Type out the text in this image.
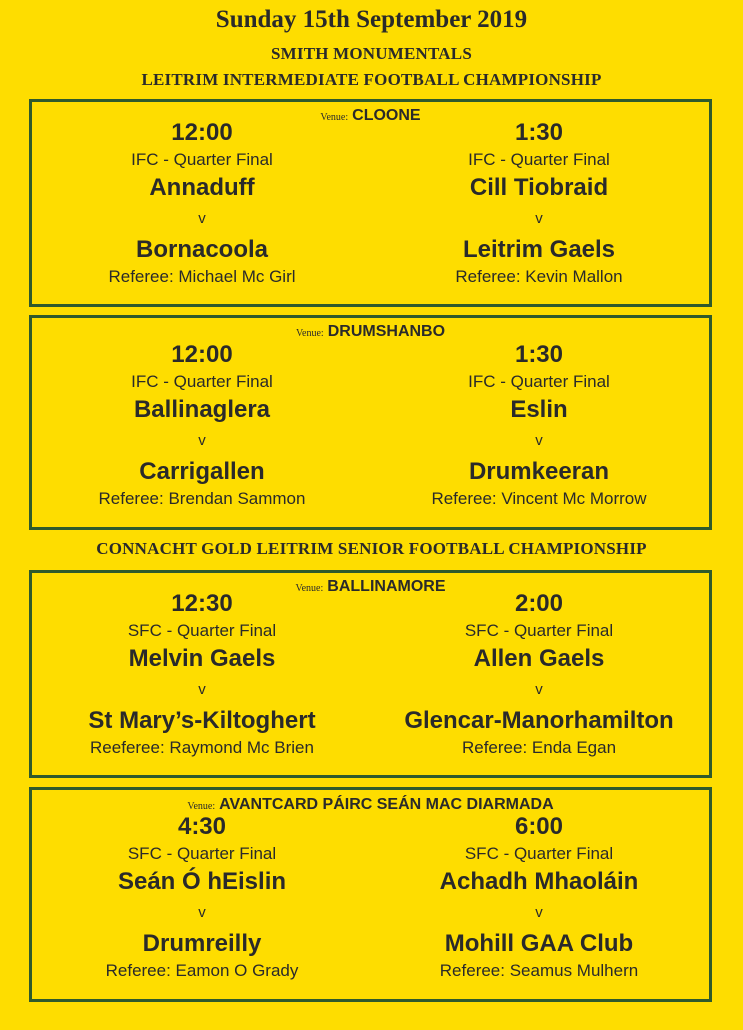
Sunday 15th September 2019
SMITH MONUMENTALS
LEITRIM INTERMEDIATE FOOTBALL CHAMPIONSHIP
Venue: CLOONE
12:00
IFC - Quarter Final
Annaduff
v
Bornacoola
Referee: Michael Mc Girl
1:30
IFC - Quarter Final
Cill Tiobraid
v
Leitrim Gaels
Referee: Kevin Mallon
Venue: DRUMSHANBO
12:00
IFC - Quarter Final
Ballinaglera
v
Carrigallen
Referee: Brendan Sammon
1:30
IFC - Quarter Final
Eslin
v
Drumkeeran
Referee: Vincent Mc Morrow
CONNACHT GOLD LEITRIM SENIOR FOOTBALL CHAMPIONSHIP
Venue: BALLINAMORE
12:30
SFC - Quarter Final
Melvin Gaels
v
St Mary’s-Kiltoghert
Reeferee: Raymond Mc Brien
2:00
SFC - Quarter Final
Allen Gaels
v
Glencar-Manorhamilton
Referee: Enda Egan
Venue: AVANTCARD PÁIRC SEÁN MAC DIARMADA
4:30
SFC - Quarter Final
Seán Ó hEislin
v
Drumreilly
Referee: Eamon O Grady
6:00
SFC - Quarter Final
Achadh Mhaoláin
v
Mohill GAA Club
Referee: Seamus Mulhern
